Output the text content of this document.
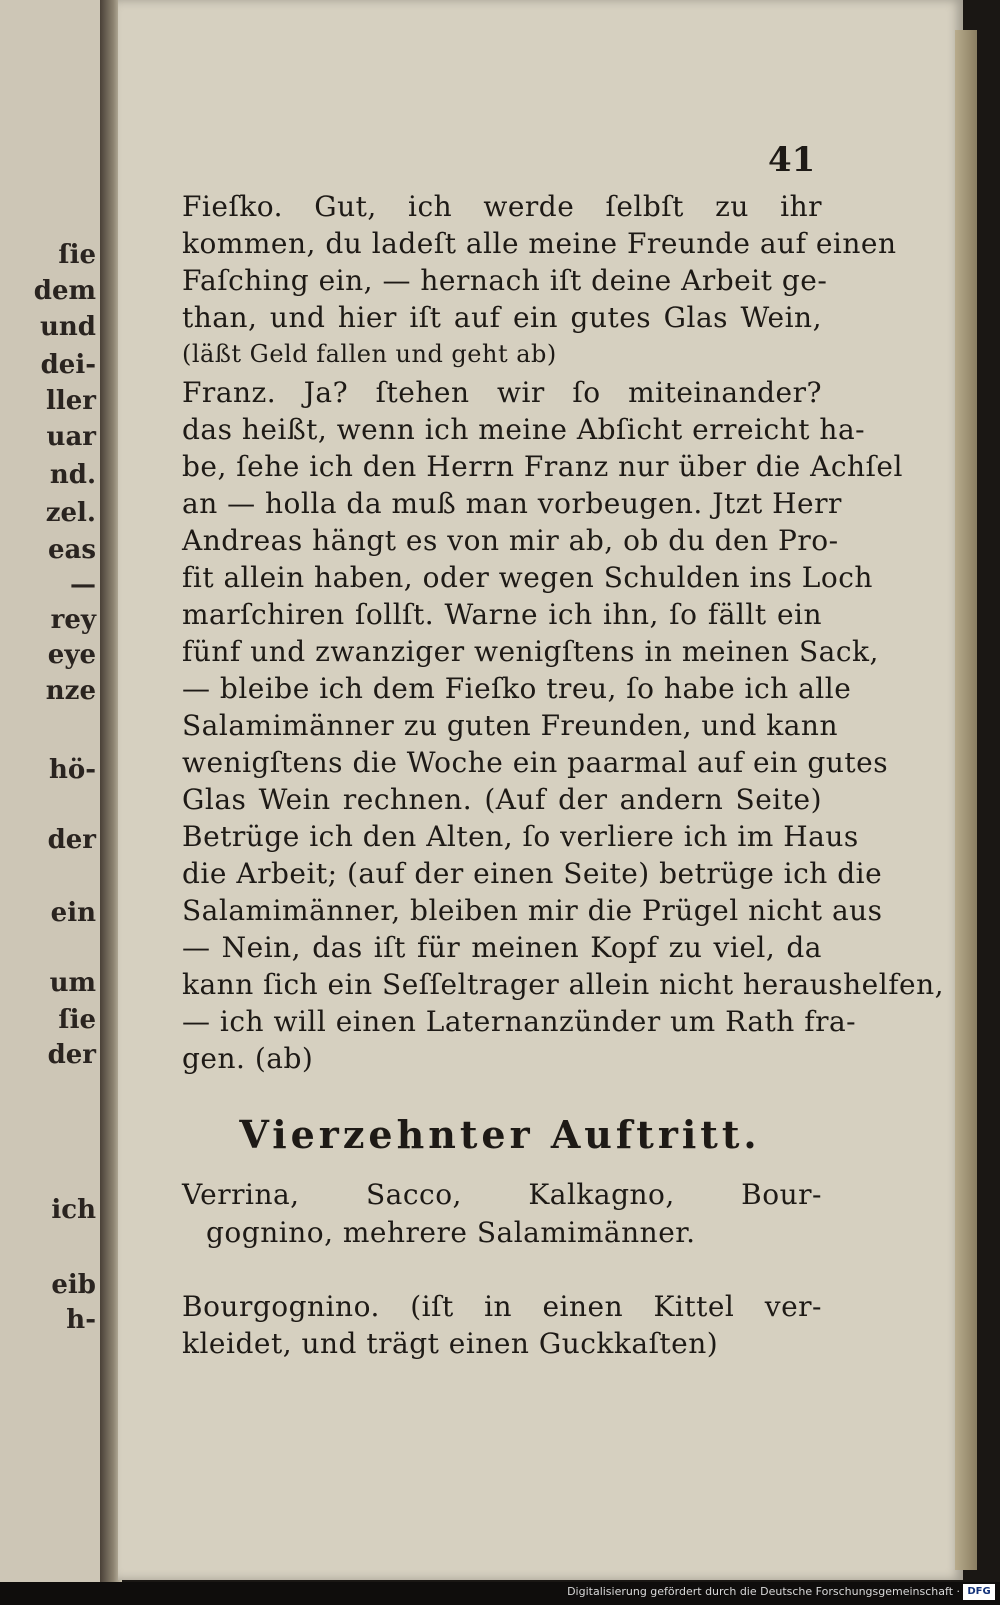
ſie
dem
und
dei-
ller
uar
nd.
zel.
eas
—
rey
eye
nze
hö-
der
ein
um
ſie
der
ich
eib
h-
41
Fieſko. Gut, ich werde ſelbſt zu ihr
kommen, du ladeſt alle meine Freunde auf einen
Faſching ein, — hernach iſt deine Arbeit ge-
than, und hier iſt auf ein gutes Glas Wein,
(läßt Geld fallen und geht ab)
Franz. Ja? ſtehen wir ſo miteinander?
das heißt, wenn ich meine Abſicht erreicht ha-
be, ſehe ich den Herrn Franz nur über die Achſel
an — holla da muß man vorbeugen. Jtzt Herr
Andreas hängt es von mir ab, ob du den Pro-
fit allein haben, oder wegen Schulden ins Loch
marſchiren ſollſt. Warne ich ihn, ſo fällt ein
fünf und zwanziger wenigſtens in meinen Sack,
— bleibe ich dem Fieſko treu, ſo habe ich alle
Salamimänner zu guten Freunden, und kann
wenigſtens die Woche ein paarmal auf ein gutes
Glas Wein rechnen. (Auf der andern Seite)
Betrüge ich den Alten, ſo verliere ich im Haus
die Arbeit; (auf der einen Seite) betrüge ich die
Salamimänner, bleiben mir die Prügel nicht aus
— Nein, das iſt für meinen Kopf zu viel, da
kann ſich ein Seſſeltrager allein nicht heraushelfen,
— ich will einen Laternanzünder um Rath fra-
gen. (ab)
Verrina, Sacco, Kalkagno, Bour-
gognino, mehrere Salamimänner.
Bourgognino. (iſt in einen Kittel ver-
kleidet, und trägt einen Guckkaſten)
Vierzehnter Auftritt.
Digitalisierung gefördert durch die Deutsche Forschungsgemeinschaft · DFG
